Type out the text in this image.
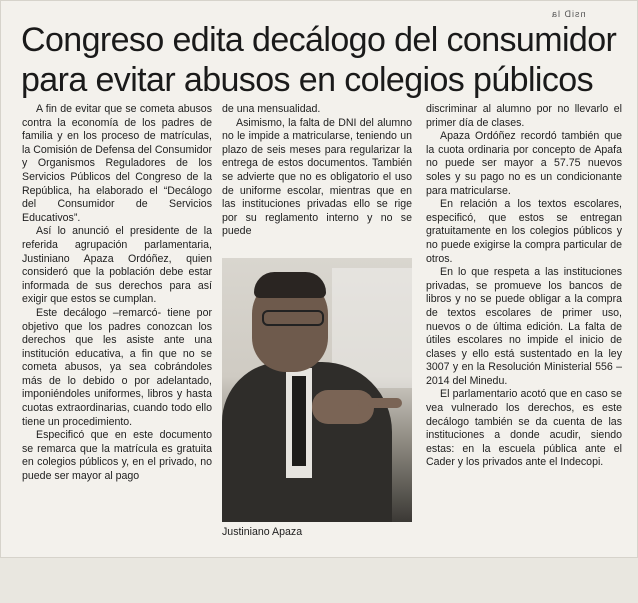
nsiD la
Congreso edita decálogo del consumidor para evitar abusos en colegios públicos

A fin de evitar que se cometa abusos contra la economía de los padres de familia y en los proceso de matrículas, la Comisión de Defensa del Consumidor y Organismos Reguladores de los Servicios Públicos del Congreso de la República, ha elaborado el “Decálogo del Consumidor de Servicios Educativos”.

Así lo anunció el presidente de la referida agrupación parlamentaria, Justiniano Apaza Ordóñez, quien consideró que la población debe estar informada de sus derechos para así exigir que estos se cumplan.

Este decálogo –remarcó- tiene por objetivo que los padres conozcan los derechos que les asiste ante una institución educativa, a fin que no se cometa abusos, ya sea cobrándoles más de lo debido o por adelantado, imponiéndoles uniformes, libros y hasta cuotas extraordinarias, cuando todo ello tiene un procedimiento.

Especificó que en este documento se remarca que la matrícula es gratuita en colegios públicos y, en el privado, no puede ser mayor al pago

de una mensualidad.

Asimismo, la falta de DNI del alumno no le impide a matricularse, teniendo un plazo de seis meses para regularizar la entrega de estos documentos. También se advierte que no es obligatorio el uso de uniforme escolar, mientras que en las instituciones privadas ello se rige por su reglamento interno y no se puede

discriminar al alumno por no llevarlo el primer día de clases.

Apaza Ordóñez recordó también que la cuota ordinaria por concepto de Apafa no puede ser mayor a 57.75 nuevos soles y su pago no es un condicionante para matricularse.

En relación a los textos escolares, especificó, que estos se entregan gratuitamente en los colegios públicos y no puede exigirse la compra particular de otros.

En lo que respeta a las instituciones privadas, se promueve los bancos de libros y no se puede obligar a la compra de textos escolares de primer uso, nuevos o de última edición. La falta de útiles escolares no impide el inicio de clases y ello está sustentado en la ley 3007 y en la Resolución Ministerial 556 – 2014 del Minedu.

El parlamentario acotó que en caso se vea vulnerado los derechos, es este decálogo también se da cuenta de las instituciones a donde acudir, siendo estas: en la escuela pública ante el Cader y los privados ante el Indecopi.

Justiniano Apaza
